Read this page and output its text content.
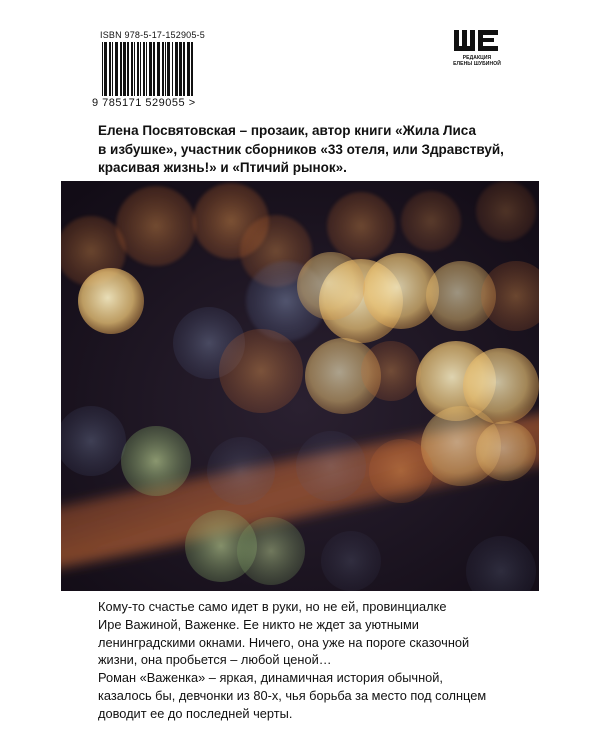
ISBN 978-5-17-152905-5
9 785171 529055 >
РЕДАКЦИЯ
ЕЛЕНЫ ШУБИНОЙ
Елена Посвятовская – прозаик, автор книги «Жила Лиса
в избушке», участник сборников «33 отеля, или Здравствуй,
красивая жизнь!» и «Птичий рынок».

Кому-то счастье само идет в руки, но не ей, провинциалке

Ире Важиной, Важенке. Ее никто не ждет за уютными

ленинградскими окнами. Ничего, она уже на пороге сказочной

жизни, она пробьется – любой ценой…

Роман «Важенка» – яркая, динамичная история обычной,

казалось бы, девчонки из 80-х, чья борьба за место под солнцем

доводит ее до последней черты.
